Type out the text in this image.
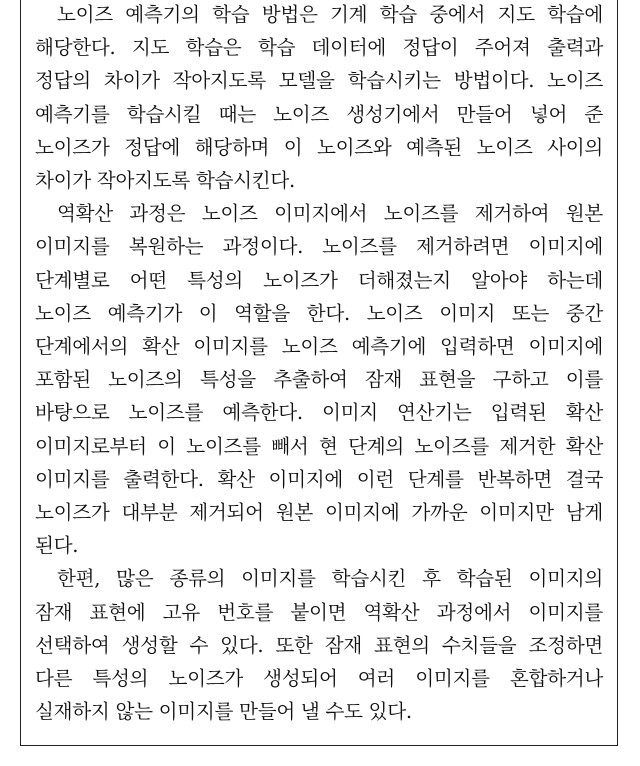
노이즈 예측기의 학습 방법은 기계 학습 중에서 지도 학습에
해당한다. 지도 학습은 학습 데이터에 정답이 주어져 출력과
정답의 차이가 작아지도록 모델을 학습시키는 방법이다. 노이즈
예측기를 학습시킬 때는 노이즈 생성기에서 만들어 넣어 준
노이즈가 정답에 해당하며 이 노이즈와 예측된 노이즈 사이의
차이가 작아지도록 학습시킨다.
역확산 과정은 노이즈 이미지에서 노이즈를 제거하여 원본
이미지를 복원하는 과정이다. 노이즈를 제거하려면 이미지에
단계별로 어떤 특성의 노이즈가 더해졌는지 알아야 하는데
노이즈 예측기가 이 역할을 한다. 노이즈 이미지 또는 중간
단계에서의 확산 이미지를 노이즈 예측기에 입력하면 이미지에
포함된 노이즈의 특성을 추출하여 잠재 표현을 구하고 이를
바탕으로 노이즈를 예측한다. 이미지 연산기는 입력된 확산
이미지로부터 이 노이즈를 빼서 현 단계의 노이즈를 제거한 확산
이미지를 출력한다. 확산 이미지에 이런 단계를 반복하면 결국
노이즈가 대부분 제거되어 원본 이미지에 가까운 이미지만 남게
된다.
한편, 많은 종류의 이미지를 학습시킨 후 학습된 이미지의
잠재 표현에 고유 번호를 붙이면 역확산 과정에서 이미지를
선택하여 생성할 수 있다. 또한 잠재 표현의 수치들을 조정하면
다른 특성의 노이즈가 생성되어 여러 이미지를 혼합하거나
실재하지 않는 이미지를 만들어 낼 수도 있다.
